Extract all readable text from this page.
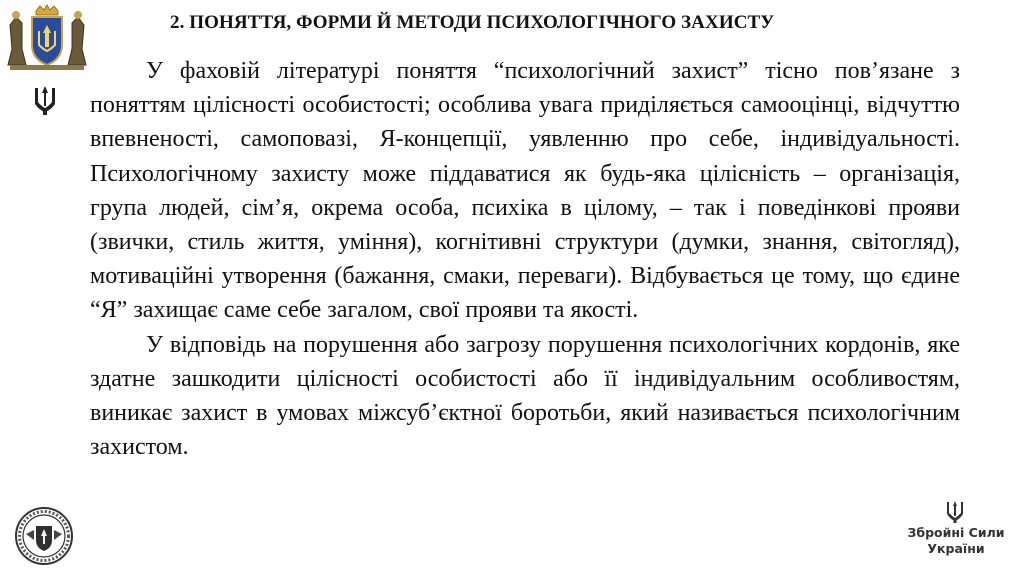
2. ПОНЯТТЯ, ФОРМИ Й МЕТОДИ ПСИХОЛОГІЧНОГО ЗАХИСТУ

У фаховій літературі поняття “психологічний захист” тісно пов’язане з поняттям цілісності особистості; особлива увага приділяється самооцінці, відчуттю впевненості, самоповазі, Я-концепції, уявленню про себе, індивідуальності. Психологічному захисту може піддаватися як будь-яка цілісність – організація, група людей, сім’я, окрема особа, психіка в цілому, – так і поведінкові прояви (звички, стиль життя, уміння), когнітивні структури (думки, знання, світогляд), мотиваційні утворення (бажання, смаки, переваги). Відбувається це тому, що єдине “Я” захищає саме себе загалом, свої прояви та якості.

У відповідь на порушення або загрозу порушення психологічних кордонів, яке здатне зашкодити цілісності особистості або її індивідуальним особливостям, виникає захист в умовах міжсуб’єктної боротьби, який називається психологічним захистом.

Збройні Сили
України
